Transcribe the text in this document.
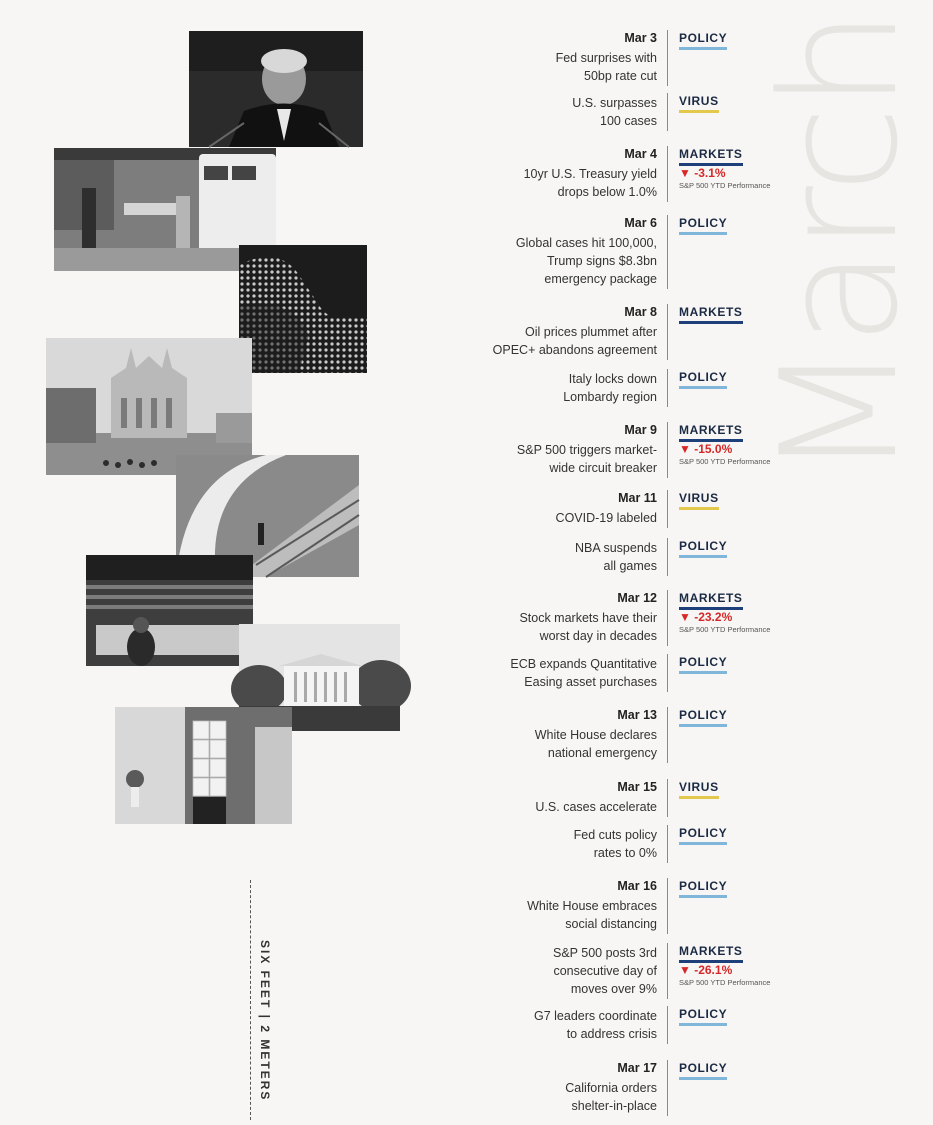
March
SIX FEET | 2 METERS
Mar 3
Fed surprises with
50bp rate cut
POLICY
U.S. surpasses
100 cases
VIRUS
Mar 4
10yr U.S. Treasury yield
drops below 1.0%
MARKETS
▼ -3.1%
S&P 500 YTD Performance
Mar 6
Global cases hit 100,000,
Trump signs $8.3bn
emergency package
POLICY
Mar 8
Oil prices plummet after
OPEC+ abandons agreement
MARKETS
Italy locks down
Lombardy region
POLICY
Mar 9
S&P 500 triggers market-
wide circuit breaker
MARKETS
▼ -15.0%
S&P 500 YTD Performance
Mar 11
COVID-19 labeled
VIRUS
NBA suspends
all games
POLICY
Mar 12
Stock markets have their
worst day in decades
MARKETS
▼ -23.2%
S&P 500 YTD Performance
ECB expands Quantitative
Easing asset purchases
POLICY
Mar 13
White House declares
national emergency
POLICY
Mar 15
U.S. cases accelerate
VIRUS
Fed cuts policy
rates to 0%
POLICY
Mar 16
White House embraces
social distancing
POLICY
S&P 500 posts 3rd
consecutive day of
moves over 9%
MARKETS
▼ -26.1%
S&P 500 YTD Performance
G7 leaders coordinate
to address crisis
POLICY
Mar 17
California orders
shelter-in-place
POLICY
